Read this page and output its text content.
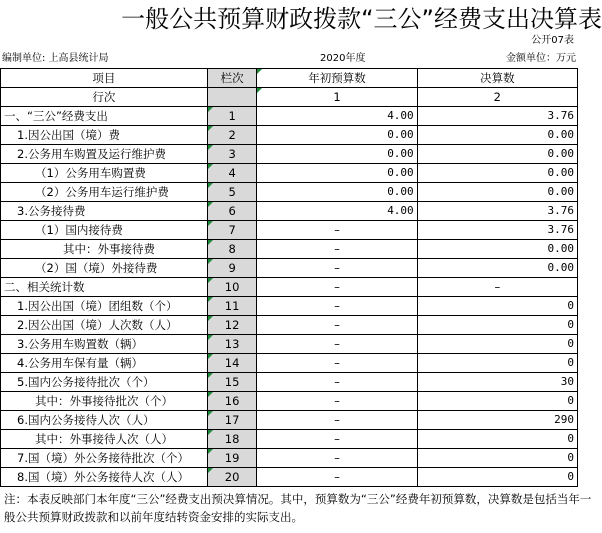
一般公共预算财政拨款“三公”经费支出决算表
公开07表
编制单位: 上高县统计局	2020年度	金额单位：万元
项目	栏次	年初预算数	决算数
行次		1	2
一、“三公”经费支出	1	4.00	3.76
1.因公出国（境）费	2	0.00	0.00
2.公务用车购置及运行维护费	3	0.00	0.00
（1）公务用车购置费	4	0.00	0.00
（2）公务用车运行维护费	5	0.00	0.00
3.公务接待费	6	4.00	3.76
（1）国内接待费	7	–	3.76
其中：外事接待费	8	–	0.00
（2）国（境）外接待费	9	–	0.00
二、相关统计数	10	–	–
1.因公出国（境）团组数（个）	11	–	0
2.因公出国（境）人次数（人）	12	–	0
3.公务用车购置数（辆）	13	–	0
4.公务用车保有量（辆）	14	–	0
5.国内公务接待批次（个）	15	–	30
其中：外事接待批次（个）	16	–	0
6.国内公务接待人次（人）	17	–	290
其中：外事接待人次（人）	18	–	0
7.国（境）外公务接待批次（个）	19	–	0
8.国（境）外公务接待人次（人）	20	–	0
注：本表反映部门本年度“三公”经费支出预决算情况。其中，预算数为“三公”经费年初预算数，决算数是包括当年一般公共预算财政拨款和以前年度结转资金安排的实际支出。
